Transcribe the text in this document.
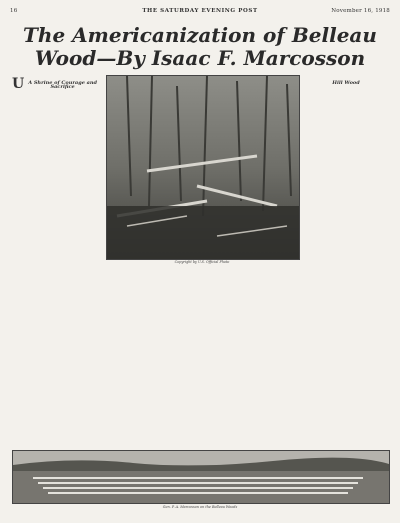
16	THE SATURDAY EVENING POST	November 16, 1918
The Americanization of Belleau Wood—By Isaac F. Marcosson

U A Shrine of Courage and Sacrifice

Hill Wood

Copyright by U.S. Official Photo

Gen. P. A. Marcosson on the Belleau Woods
